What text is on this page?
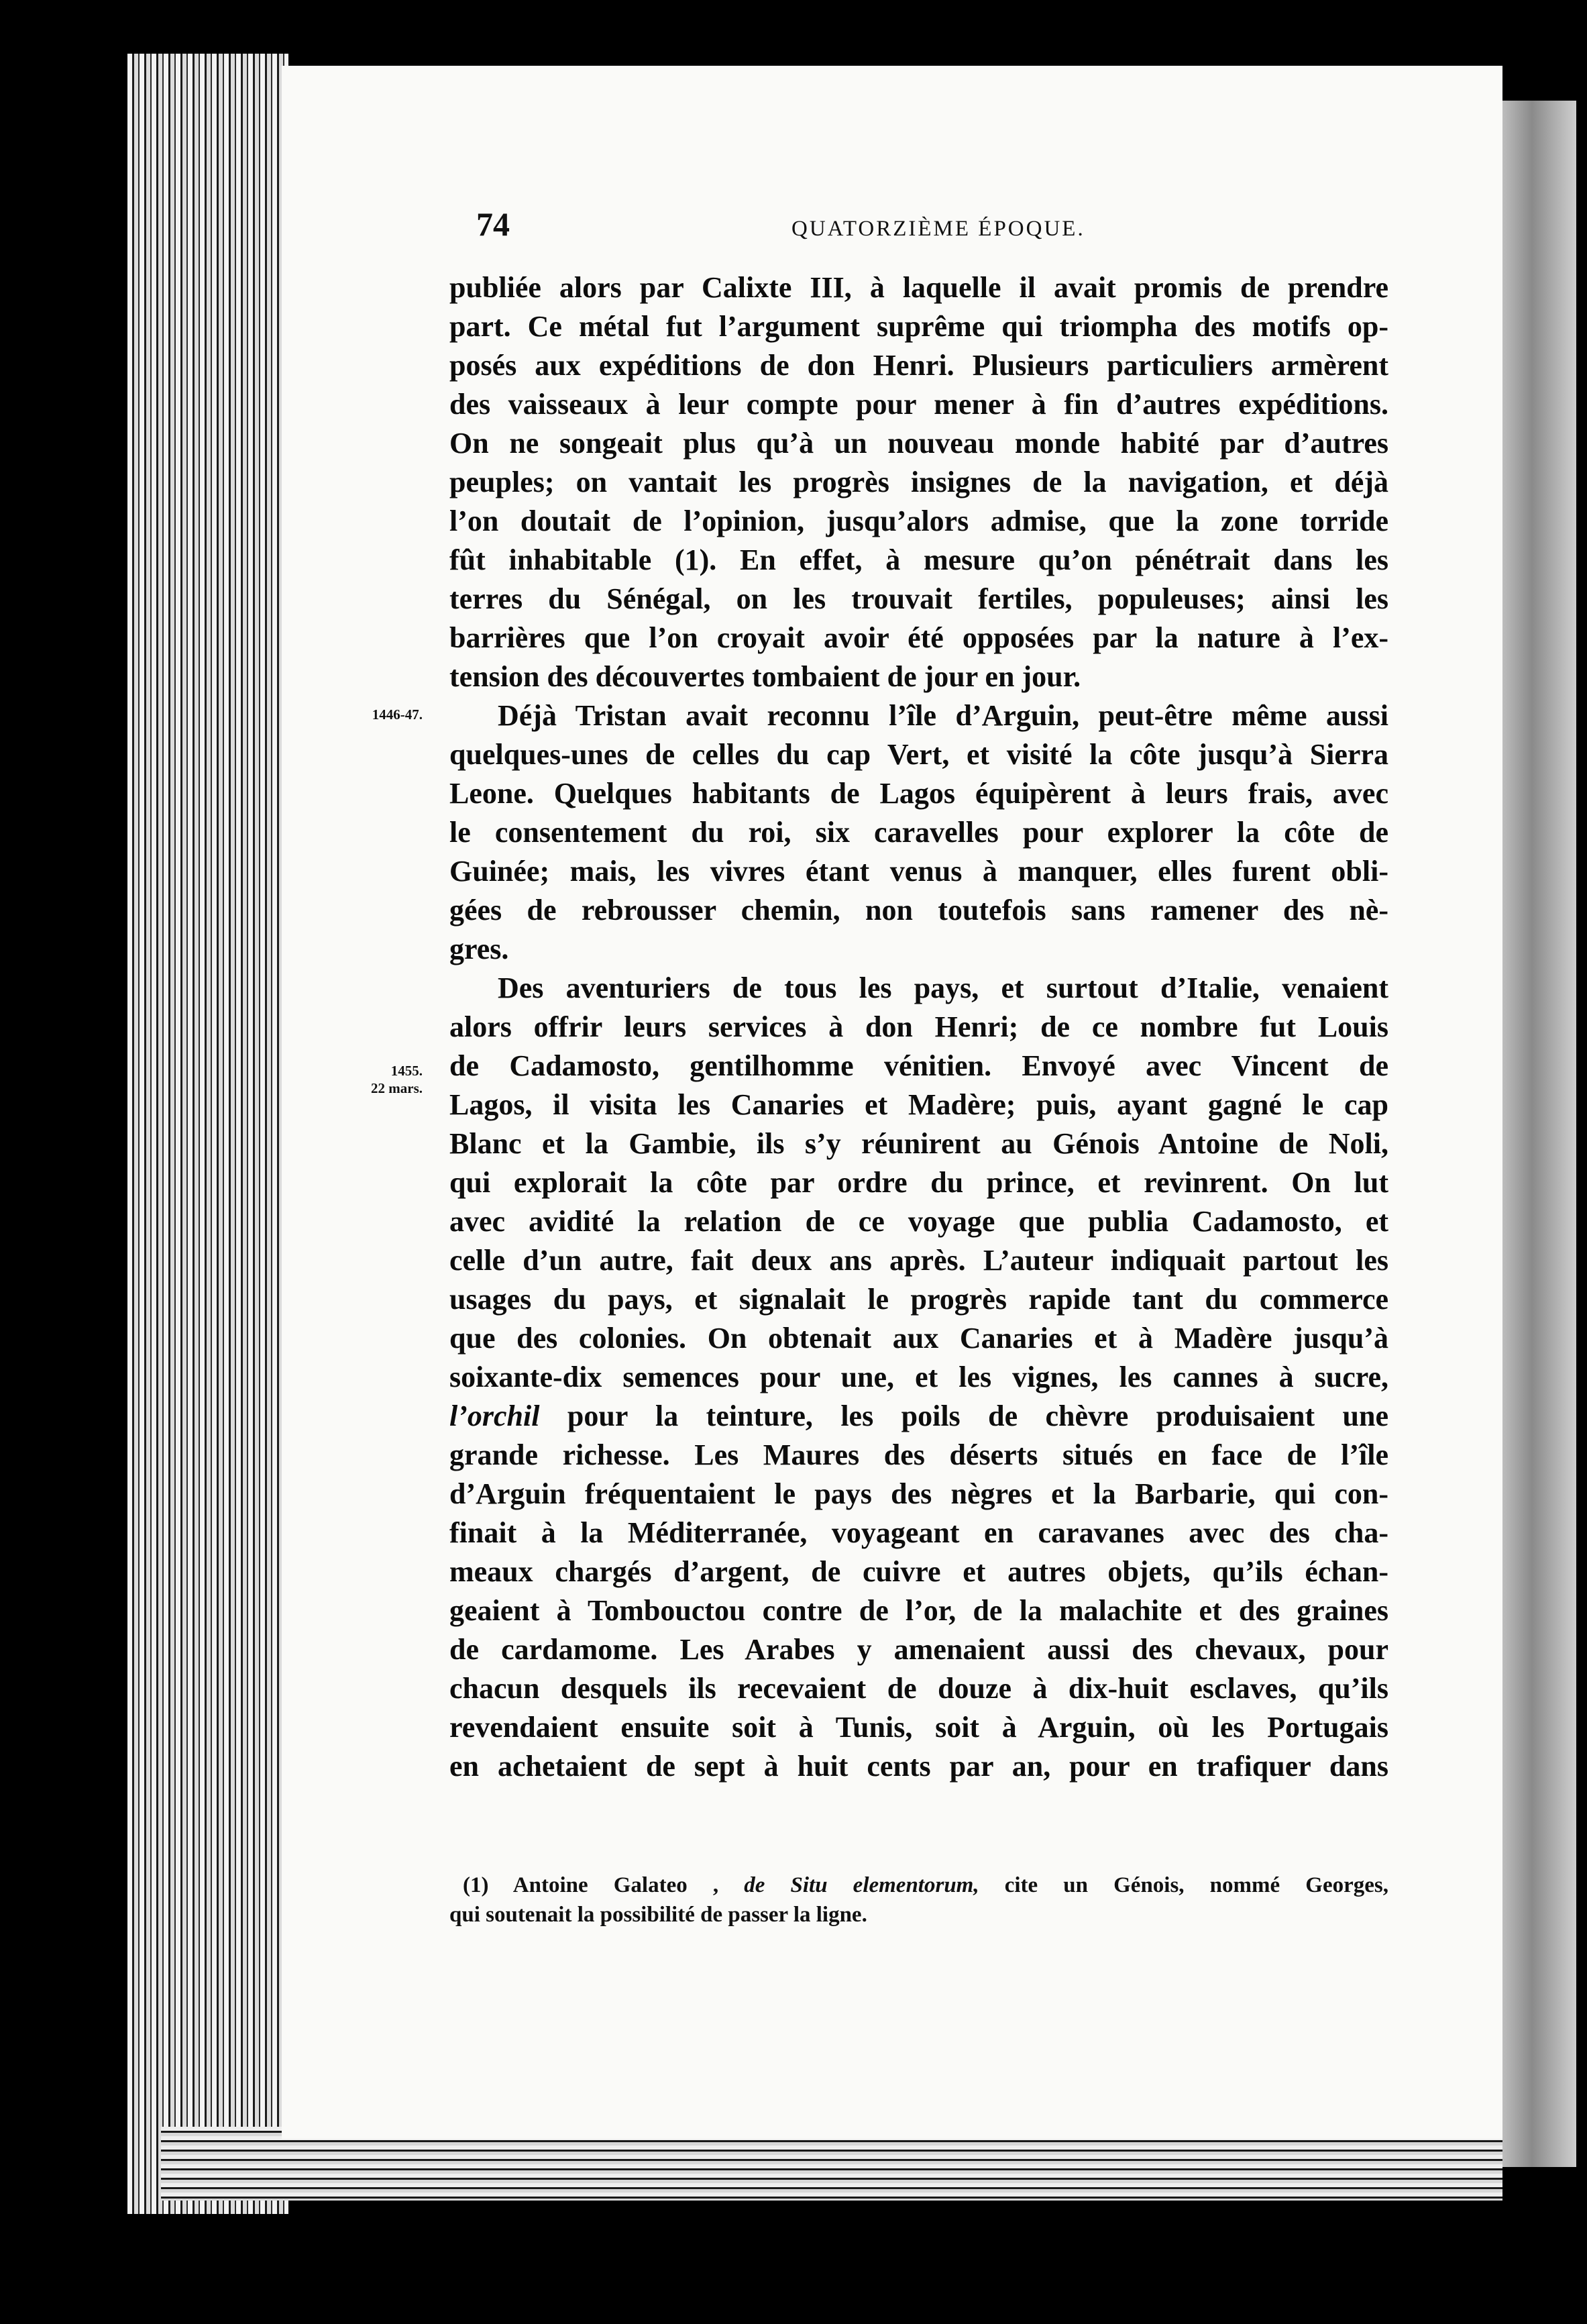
74	QUATORZIÈME ÉPOQUE.
1446-47.
1455.
22 mars.

publiée alors par Calixte III, à laquelle il avait promis de prendre

part. Ce métal fut l’argument suprême qui triompha des motifs op-

posés aux expéditions de don Henri. Plusieurs particuliers armèrent

des vaisseaux à leur compte pour mener à fin d’autres expéditions.

On ne songeait plus qu’à un nouveau monde habité par d’autres

peuples; on vantait les progrès insignes de la navigation, et déjà

l’on doutait de l’opinion, jusqu’alors admise, que la zone torride

fût inhabitable (1). En effet, à mesure qu’on pénétrait dans les

terres du Sénégal, on les trouvait fertiles, populeuses; ainsi les

barrières que l’on croyait avoir été opposées par la nature à l’ex-

tension des découvertes tombaient de jour en jour.

Déjà Tristan avait reconnu l’île d’Arguin, peut-être même aussi

quelques-unes de celles du cap Vert, et visité la côte jusqu’à Sierra

Leone. Quelques habitants de Lagos équipèrent à leurs frais, avec

le consentement du roi, six caravelles pour explorer la côte de

Guinée; mais, les vivres étant venus à manquer, elles furent obli-

gées de rebrousser chemin, non toutefois sans ramener des nè-

gres.

Des aventuriers de tous les pays, et surtout d’Italie, venaient

alors offrir leurs services à don Henri; de ce nombre fut Louis

de Cadamosto, gentilhomme vénitien. Envoyé avec Vincent de

Lagos, il visita les Canaries et Madère; puis, ayant gagné le cap

Blanc et la Gambie, ils s’y réunirent au Génois Antoine de Noli,

qui explorait la côte par ordre du prince, et revinrent. On lut

avec avidité la relation de ce voyage que publia Cadamosto, et

celle d’un autre, fait deux ans après. L’auteur indiquait partout les

usages du pays, et signalait le progrès rapide tant du commerce

que des colonies. On obtenait aux Canaries et à Madère jusqu’à

soixante-dix semences pour une, et les vignes, les cannes à sucre,

l’orchil pour la teinture, les poils de chèvre produisaient une

grande richesse. Les Maures des déserts situés en face de l’île

d’Arguin fréquentaient le pays des nègres et la Barbarie, qui con-

finait à la Méditerranée, voyageant en caravanes avec des cha-

meaux chargés d’argent, de cuivre et autres objets, qu’ils échan-

geaient à Tombouctou contre de l’or, de la malachite et des graines

de cardamome. Les Arabes y amenaient aussi des chevaux, pour

chacun desquels ils recevaient de douze à dix-huit esclaves, qu’ils

revendaient ensuite soit à Tunis, soit à Arguin, où les Portugais

en achetaient de sept à huit cents par an, pour en trafiquer dans

(1) Antoine Galateo , de Situ elementorum, cite un Génois, nommé Georges,

qui soutenait la possibilité de passer la ligne.
